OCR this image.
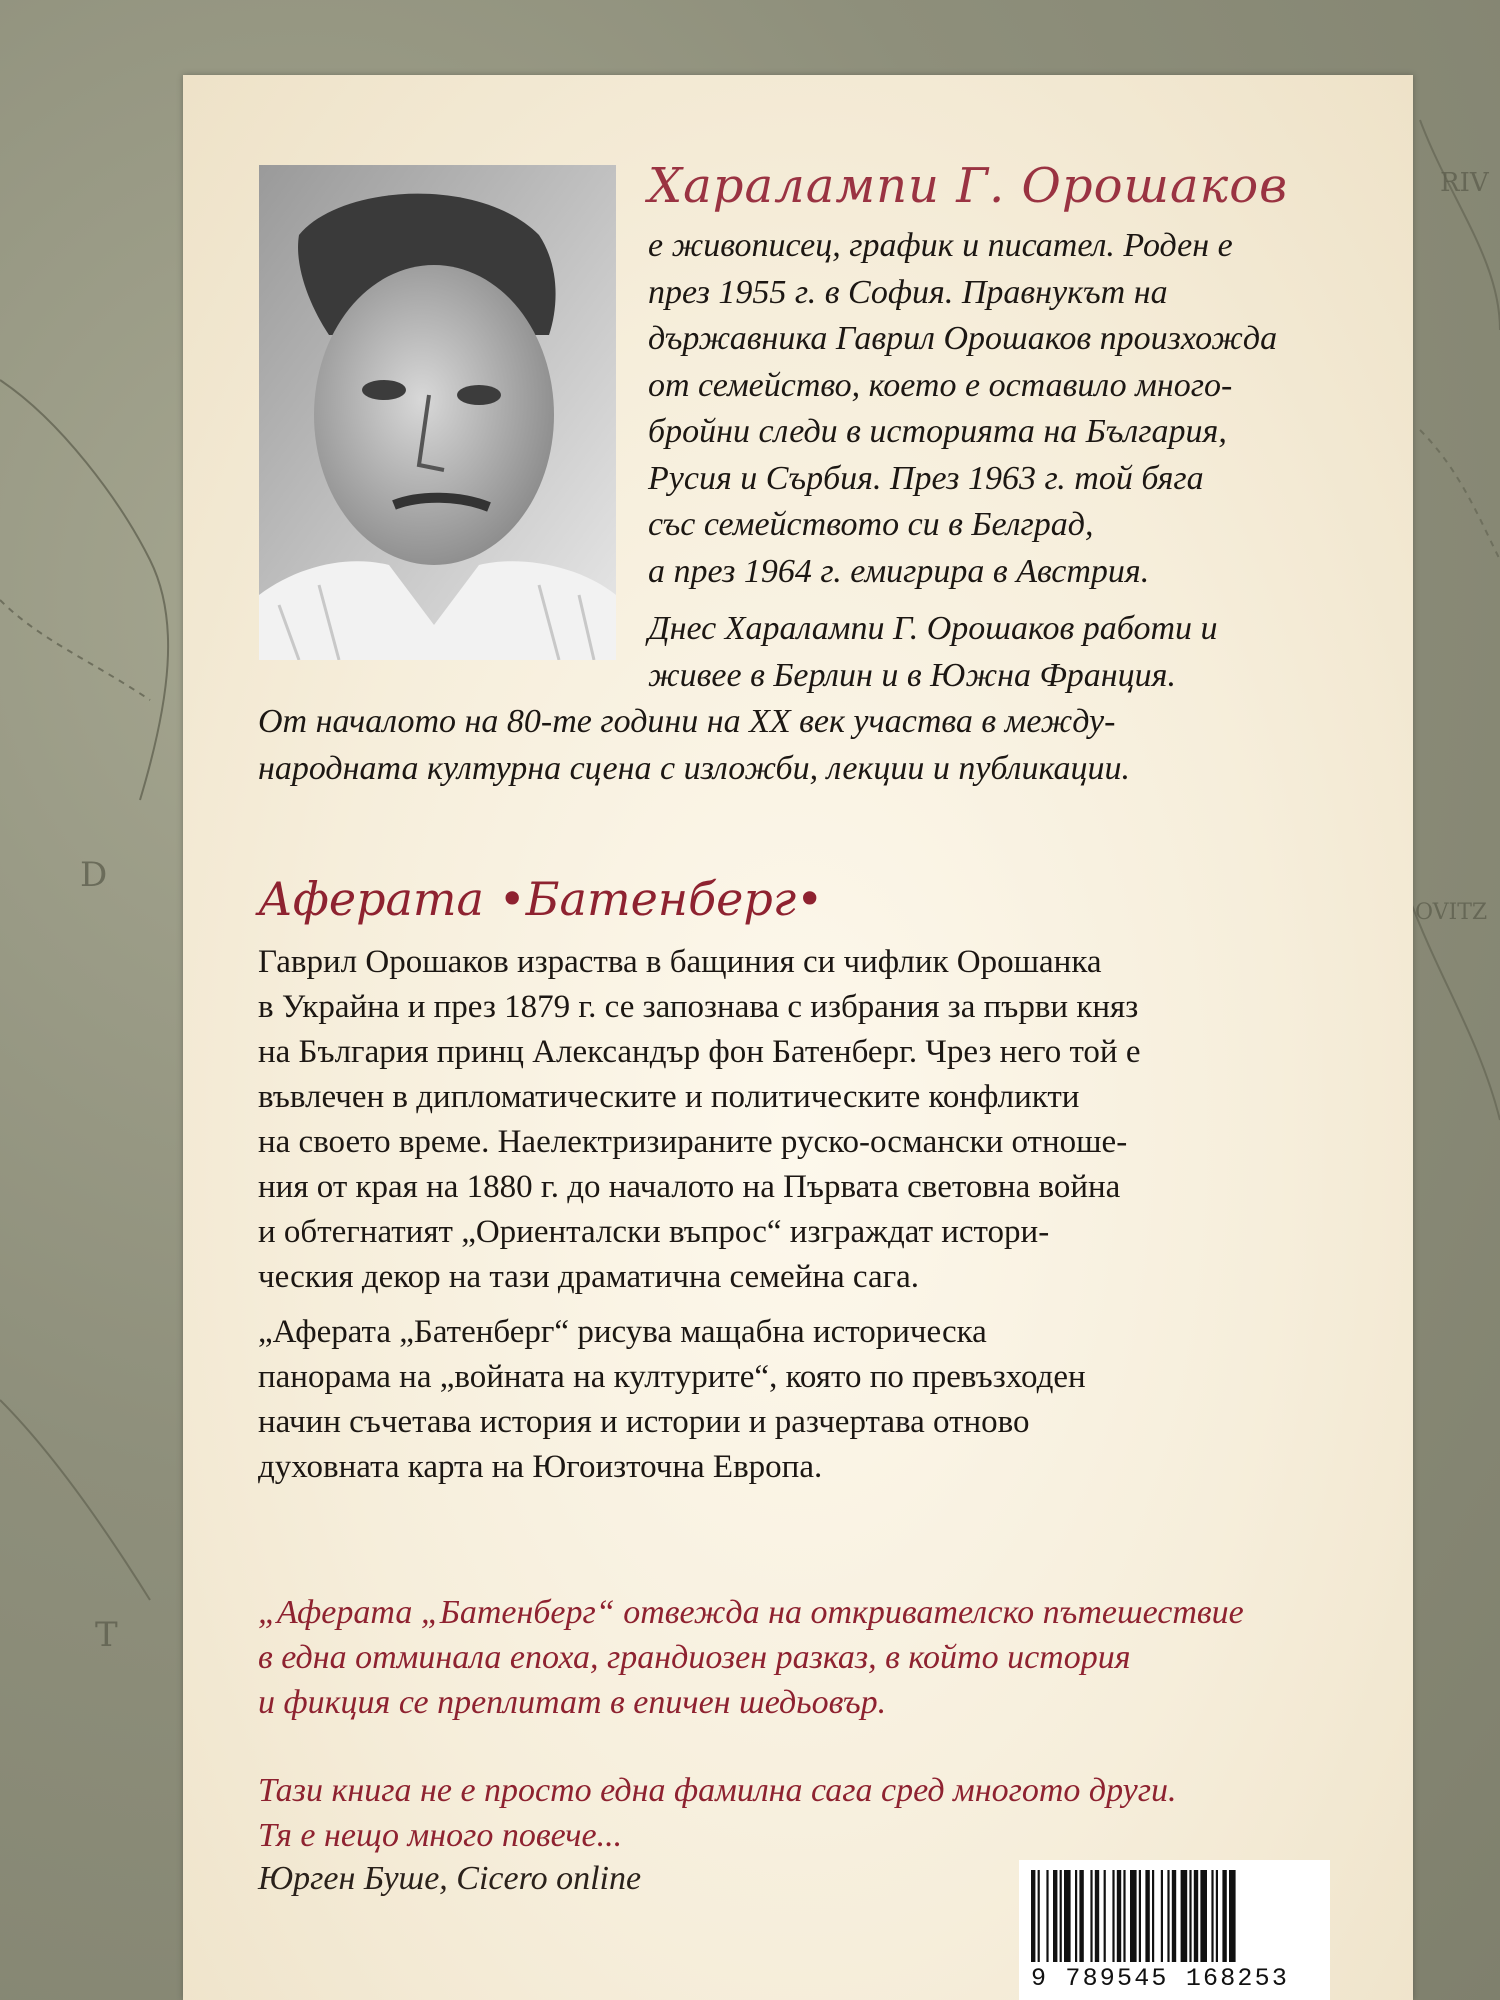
D
T
RIV
OVITZ
Харалампи Г. Орошаков
е живописец, график и писател. Роден е
през 1955 г. в София. Правнукът на
държавника Гаврил Орошаков произхожда
от семейство, което е оставило много-
бройни следи в историята на България,
Русия и Сърбия. През 1963 г. той бяга
със семейството си в Белград,
а през 1964 г. емигрира в Австрия.
Днес Харалампи Г. Орошаков работи и
живее в Берлин и в Южна Франция.
От началото на 80-те години на XX век участва в между-
народната културна сцена с изложби, лекции и публикации.
Аферата •Батенберг•
Гаврил Орошаков израства в бащиния си чифлик Орошанка
в Украйна и през 1879 г. се запознава с избрания за първи княз
на България принц Александър фон Батенберг. Чрез него той е
въвлечен в дипломатическите и политическите конфликти
на своето време. Наелектризираните руско-османски отноше-
ния от края на 1880 г. до началото на Първата световна война
и обтегнатият „Ориенталски въпрос“ изграждат истори-
ческия декор на тази драматична семейна сага.
„Аферата „Батенберг“ рисува мащабна историческа
панорама на „войната на културите“, която по превъзходен
начин съчетава история и истории и разчертава отново
духовната карта на Югоизточна Европа.
„Аферата „Батенберг“ отвежда на откривателско пътешествие
в една отминала епоха, грандиозен разказ, в който история
и фикция се преплитат в епичен шедьовър.
Тази книга не е просто една фамилна сага сред многото други.
Тя е нещо много повече...
Юрген Буше, Cicero online
9 789545 168253
